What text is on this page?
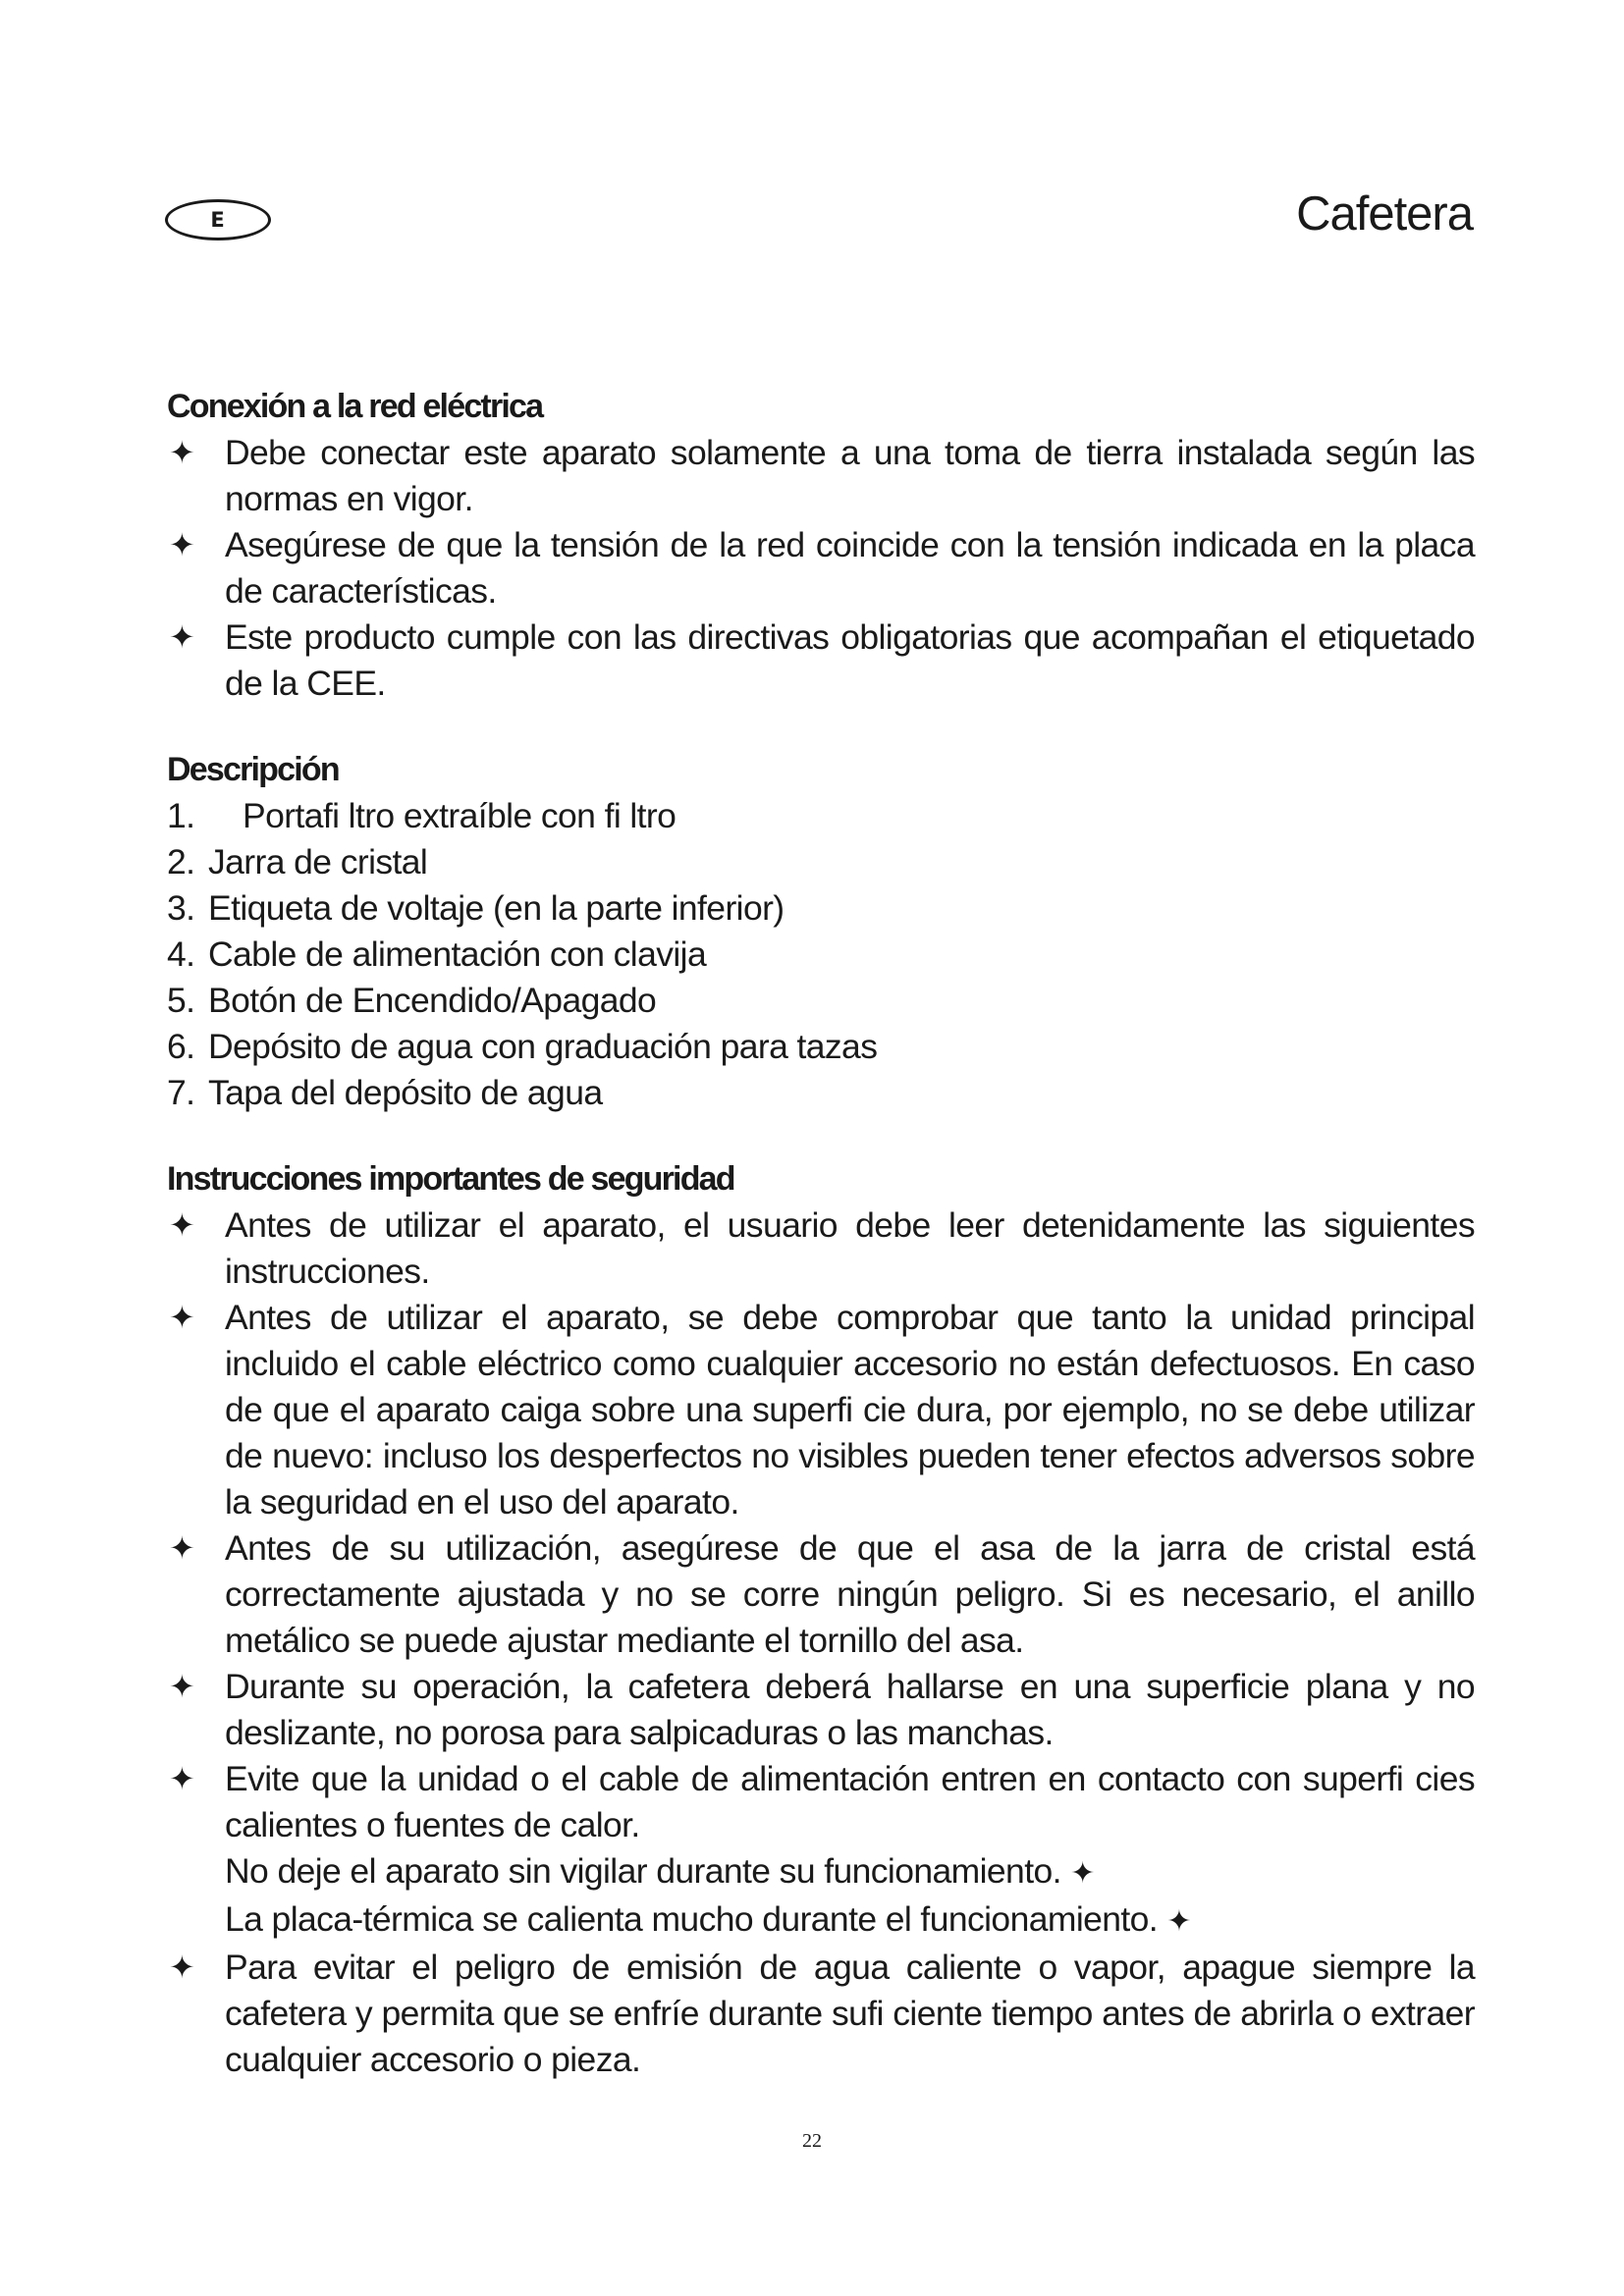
E	Cafetera
Conexión a la red eléctrica
✦ Debe conectar este aparato solamente a una toma de tierra instalada según las normas en vigor.
✦ Asegúrese de que la tensión de la red coincide con la tensión indicada en la placa de características.
✦ Este producto cumple con las directivas obligatorias que acompañan el etiquetado de la CEE.
Descripción
1. Portafi ltro extraíble con fi ltro
2. Jarra de cristal
3. Etiqueta de voltaje (en la parte inferior)
4. Cable de alimentación con clavija
5. Botón de Encendido/Apagado
6. Depósito de agua con graduación para tazas
7. Tapa del depósito de agua
Instrucciones importantes de seguridad
✦ Antes de utilizar el aparato, el usuario debe leer detenidamente las siguientes instrucciones.
✦ Antes de utilizar el aparato, se debe comprobar que tanto la unidad principal incluido el cable eléctrico como cualquier accesorio no están defectuosos. En caso de que el aparato caiga sobre una superfi cie dura, por ejemplo, no se debe utilizar de nuevo: incluso los desperfectos no visibles pueden tener efectos adversos sobre la seguridad en el uso del aparato.
✦ Antes de su utilización, asegúrese de que el asa de la jarra de cristal está correctamente ajustada y no se corre ningún peligro. Si es necesario, el anillo metálico se puede ajustar mediante el tornillo del asa.
✦ Durante su operación, la cafetera deberá hallarse en una superficie plana y no deslizante, no porosa para salpicaduras o las manchas.
✦ Evite que la unidad o el cable de alimentación entren en contacto con superfi cies calientes o fuentes de calor.
No deje el aparato sin vigilar durante su funcionamiento. ✦
La placa-térmica se calienta mucho durante el funcionamiento. ✦
✦ Para evitar el peligro de emisión de agua caliente o vapor, apague siempre la cafetera y permita que se enfríe durante sufi ciente tiempo antes de abrirla o extraer cualquier accesorio o pieza.
22
